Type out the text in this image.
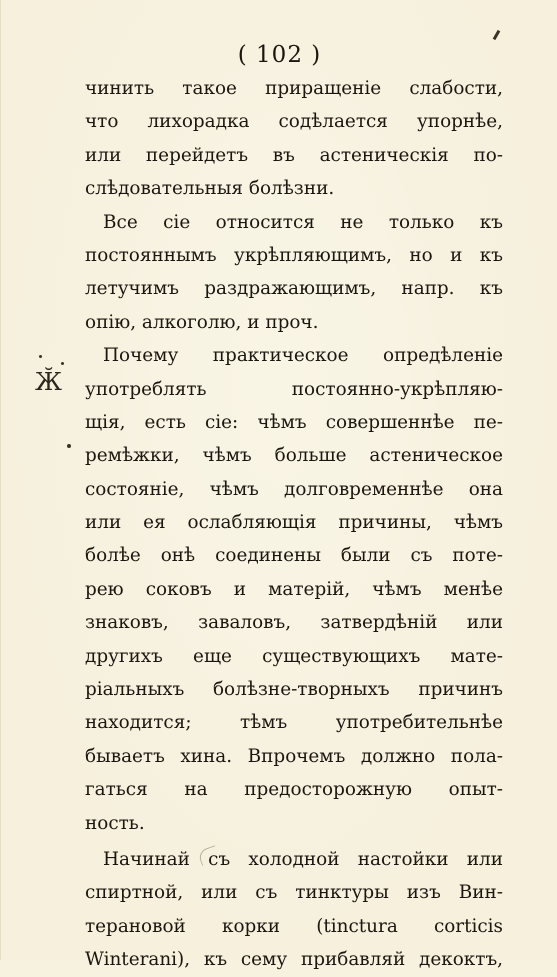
( 102 )
Ӂ
чинить такое приращеніе слабости,
что лихорадка содѣлается упорнѣе,
или перейдетъ въ астеническія по-
слѣдовательныя болѣзни.
Все сіе относится не только къ
постояннымъ укрѣпляющимъ, но и къ
летучимъ раздражающимъ, напр. къ
опію, алкоголю, и проч.
Почему практическое опредѣленіе
употреблять постоянно-укрѣпляю-
щія, есть сіе: чѣмъ совершеннѣе пе-
ремѣжки, чѣмъ больше астеническое
состояніе, чѣмъ долговременнѣе она
или ея ослабляющія причины, чѣмъ
болѣе онѣ соединены были съ поте-
рею соковъ и матерій, чѣмъ менѣе
знаковъ, заваловъ, затвердѣній или
другихъ еще существующихъ мате-
ріальныхъ болѣзне-творныхъ причинъ
находится; тѣмъ употребительнѣе
бываетъ хина. Впрочемъ должно пола-
гаться на предосторожную опыт-
ность.
Начинай съ холодной настойки или
спиртной, или съ тинктуры изъ Вин-
терановой корки (tinctura corticis
Winterani), къ сему прибавляй декоктъ,
